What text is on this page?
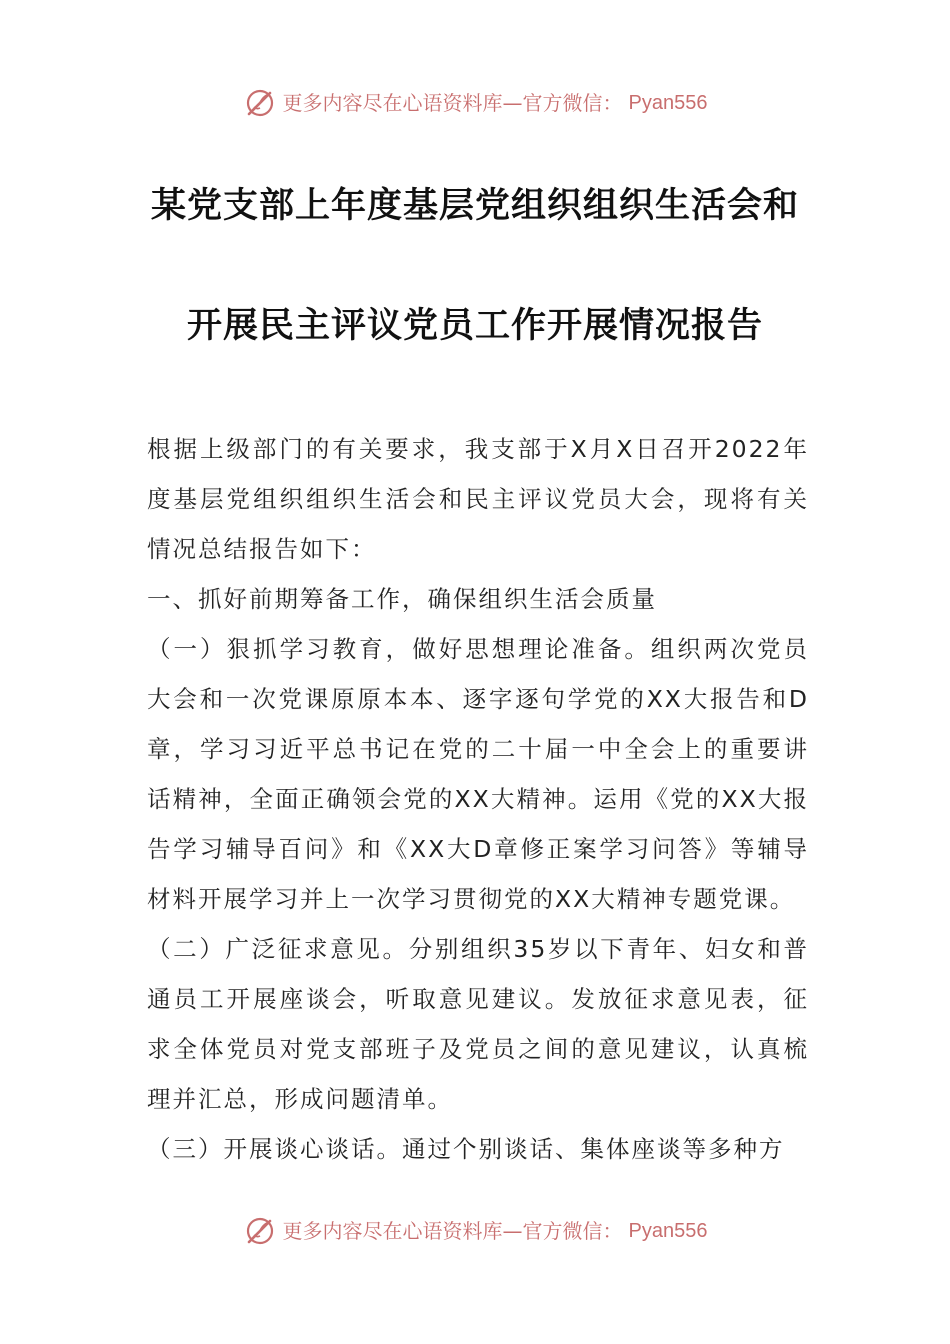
更多内容尽在心语资料库—官方微信： Pyan556
某党支部上年度基层党组织组织生活会和
开展民主评议党员工作开展情况报告

根据上级部门的有关要求，我支部于X月X日召开2022年度基层党组织组织生活会和民主评议党员大会，现将有关情况总结报告如下：

一、抓好前期筹备工作，确保组织生活会质量

（一）狠抓学习教育，做好思想理论准备。组织两次党员大会和一次党课原原本本、逐字逐句学党的XX大报告和D章，学习习近平总书记在党的二十届一中全会上的重要讲话精神，全面正确领会党的XX大精神。运用《党的XX大报告学习辅导百问》和《XX大D章修正案学习问答》等辅导材料开展学习并上一次学习贯彻党的XX大精神专题党课。

（二）广泛征求意见。分别组织35岁以下青年、妇女和普通员工开展座谈会，听取意见建议。发放征求意见表，征求全体党员对党支部班子及党员之间的意见建议，认真梳理并汇总，形成问题清单。

（三）开展谈心谈话。通过个别谈话、集体座谈等多种方

更多内容尽在心语资料库—官方微信： Pyan556
